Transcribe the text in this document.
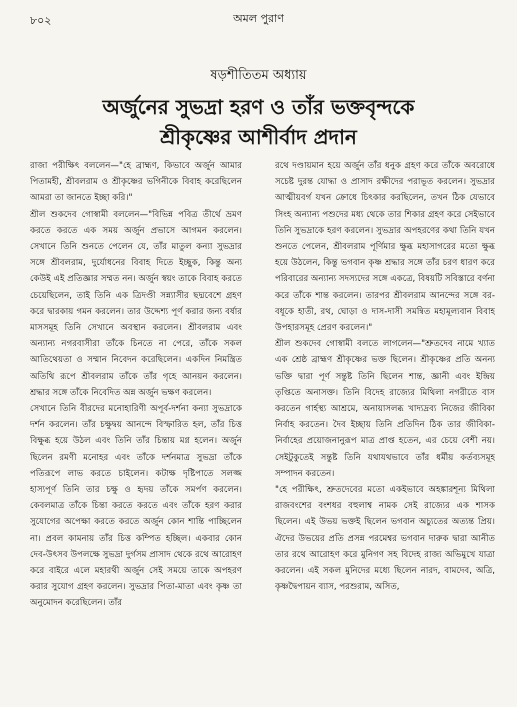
৮০২	অমল পুরাণ
ষড়শীতিতম অধ্যায়
অর্জুনের সুভদ্রা হরণ ও তাঁর ভক্তবৃন্দকে
শ্রীকৃষ্ণের আশীর্বাদ প্রদান

রাজা পরীক্ষিৎ বললেন—"হে ব্রাহ্মণ, কিভাবে অর্জুন আমার পিতামহী, শ্রীবলরাম ও শ্রীকৃষ্ণের ভগিনীকে বিবাহ করেছিলেন আমরা তা জানতে ইচ্ছা করি।"

শ্রীল শুকদেব গোস্বামী বললেন—"বিভিন্ন পবিত্র তীর্থে ভ্রমণ করতে করতে এক সময় অর্জুন প্রভাসে আগমন করলেন। সেখানে তিনি শুনতে পেলেন যে, তাঁর মাতুল কন্যা সুভদ্রার সঙ্গে শ্রীবলরাম, দুর্যোধনের বিবাহ দিতে ইচ্ছুক, কিন্তু অন্য কেউই এই প্রতিজ্ঞার সম্মত নন। অর্জুন স্বয়ং তাকে বিবাহ করতে চেয়েছিলেন, তাই তিনি এক ত্রিদণ্ডী সন্ন্যাসীর ছদ্মবেশে গ্রহণ করে দ্বারকায় গমন করলেন। তার উদ্দেশ্য পূর্ণ করার জন্য বর্ষার মাসসমূহ তিনি সেখানে অবস্থান করলেন। শ্রীবলরাম এবং অন্যান্য নগরবাসীরা তাঁকে চিনতে না পেরে, তাঁকে সকল আতিথেয়তা ও সম্মান নিবেদন করেছিলেন। একদিন নিমন্ত্রিত অতিথি রূপে শ্রীবলরাম তাঁকে তাঁর গৃহে আনয়ন করলেন। শ্রদ্ধার সঙ্গে তাঁকে নিবেদিত অন্ন অর্জুন ভক্ষণ করলেন।

সেখানে তিনি বীরদের মনোহারিণী অপূর্ব-দর্শনা কন্যা সুভদ্রাকে দর্শন করলেন। তাঁর চক্ষুদ্বয় আনন্দে বিস্ফারিত হল, তাঁর চিত্ত বিক্ষুব্ধ হয়ে উঠল এবং তিনি তাঁর চিন্তায় মগ্ন হলেন। অর্জুন ছিলেন রমণী মনোহর এবং তাঁকে দর্শনমাত্র সুভদ্রা তাঁকে পতিরূপে লাভ করতে চাইলেন। কটাক্ষ দৃষ্টিপাতে সলজ্জ হাস্যপূর্ণ তিনি তার চক্ষু ও হৃদয় তাঁকে সমর্পণ করলেন। কেবলমাত্র তাঁকে চিন্তা করতে করতে এবং তাঁকে হরণ করার সুযোগের অপেক্ষা করতে করতে অর্জুন কোন শান্তি পাচ্ছিলেন না। প্রবল কামনায় তাঁর চিত্ত কম্পিত হচ্ছিল। একবার কোন দেব-উৎসব উপলক্ষে সুভদ্রা দুর্গসম প্রাসাদ থেকে রথে আরোহণ করে বাইরে এলে মহারথী অর্জুন সেই সময়ে তাকে অপহরণ করার সুযোগ গ্রহণ করলেন। সুভদ্রার পিতা-মাতা এবং কৃষ্ণ তা অনুমোদন করেছিলেন। তাঁর

রথে দণ্ডায়মান হয়ে অর্জুন তাঁর ধনুক গ্রহণ করে তাঁকে অবরোধে সচেষ্ট দুরন্ত যোদ্ধা ও প্রাসাদ রক্ষীদের পরাভূত করলেন। সুভদ্রার আত্মীয়বর্গ যখন ক্রোধে চিৎকার করছিলেন, তখন ঠিক যেভাবে সিংহ অন্যান্য পশুদের মধ্য থেকে তার শিকার গ্রহণ করে সেইভাবে তিনি সুভদ্রাকে হরণ করলেন। সুভদ্রার অপহরণের কথা তিনি যখন শুনতে পেলেন, শ্রীবলরাম পূর্ণিমার ক্ষুব্ধ মহাসাগরের মতো ক্ষুব্ধ হয়ে উঠলেন, কিন্তু ভগবান কৃষ্ণ শ্রদ্ধার সঙ্গে তাঁর চরণ ধারণ করে পরিবারের অন্যান্য সদস্যদের সঙ্গে একত্রে, বিষয়টি সবিস্তারে বর্ণনা করে তাঁকে শান্ত করলেন। তারপর শ্রীবলরাম আনন্দের সঙ্গে বর-বধূকে হাতী, রথ, ঘোড়া ও দাস-দাসী সমন্বিত মহামূল্যবান বিবাহ উপহারসমূহ প্রেরণ করলেন।"

শ্রীল শুকদেব গোস্বামী বলতে লাগলেন—"শ্রুতদেব নামে খ্যাত এক শ্রেষ্ঠ ব্রাহ্মণ শ্রীকৃষ্ণের ভক্ত ছিলেন। শ্রীকৃষ্ণের প্রতি অনন্য ভক্তি দ্বারা পূর্ণ সন্তুষ্ট তিনি ছিলেন শান্ত, জ্ঞানী এবং ইন্দ্রিয় তৃপ্তিতে অনাসক্ত। তিনি বিদেহ রাজ্যের মিথিলা নগরীতে বাস করতেন গার্হস্থ্য আশ্রমে, অনায়াসলব্ধ খাদ্যদ্রব্য নিজের জীবিকা নির্বাহ করতেন। দৈব ইচ্ছায় তিনি প্রতিদিন ঠিক তার জীবিকা-নির্বাহের প্রয়োজনানুরূপ মাত্র প্রাপ্ত হতেন, এর চেয়ে বেশী নয়। সেইটুকুতেই সন্তুষ্ট তিনি যথাযথভাবে তাঁর ধর্মীয় কর্তব্যসমূহ সম্পাদন করতেন।

"হে পরীক্ষিৎ, শ্রুতদেবের মতো একইভাবে অহঙ্কারশূন্য মিথিলা রাজবংশের বংশধর বহুলাশ্ব নামক সেই রাজ্যের এক শাসক ছিলেন। এই উভয় ভক্তই ছিলেন ভগবান অচ্যুতের অত্যন্ত প্রিয়। ঐদের উভয়ের প্রতি প্রসন্ন পরমেশ্বর ভগবান দারুক দ্বারা আনীত তার রথে আরোহণ করে মুনিগণ সহ বিদেহ রাজ্য অভিমুখে যাত্রা করলেন। এই সকল মুনিদের মধ্যে ছিলেন নারদ, বামদেব, অত্রি, কৃষ্ণদ্বৈপায়ন ব্যাস, পরশুরাম, অসিত,
